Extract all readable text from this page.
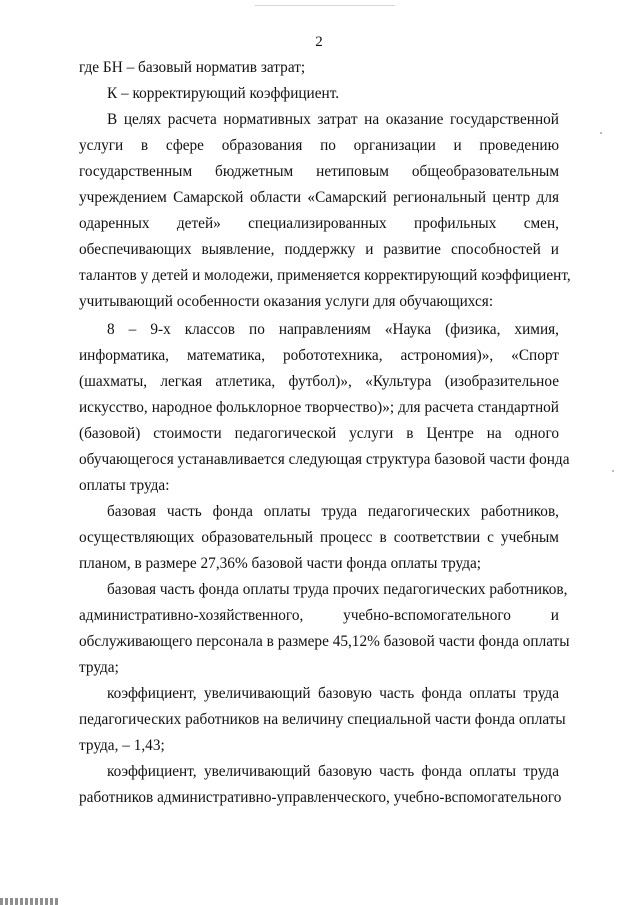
2
где БН – базовый норматив затрат;
К – корректирующий коэффициент.
В целях расчета нормативных затрат на оказание государственной
услуги в сфере образования по организации и проведению
государственным бюджетным нетиповым общеобразовательным
учреждением Самарской области «Самарский региональный центр для
одаренных детей» специализированных профильных смен,
обеспечивающих выявление, поддержку и развитие способностей и
талантов у детей и молодежи, применяется корректирующий коэффициент,
учитывающий особенности оказания услуги для обучающихся:
8 – 9-х классов по направлениям «Наука (физика, химия,
информатика, математика, робототехника, астрономия)», «Спорт
(шахматы, легкая атлетика, футбол)», «Культура (изобразительное
искусство, народное фольклорное творчество)»; для расчета стандартной
(базовой) стоимости педагогической услуги в Центре на одного
обучающегося устанавливается следующая структура базовой части фонда
оплаты труда:
базовая часть фонда оплаты труда педагогических работников,
осуществляющих образовательный процесс в соответствии с учебным
планом, в размере 27,36% базовой части фонда оплаты труда;
базовая часть фонда оплаты труда прочих педагогических работников,
административно-хозяйственного, учебно-вспомогательного и
обслуживающего персонала в размере 45,12% базовой части фонда оплаты
труда;
коэффициент, увеличивающий базовую часть фонда оплаты труда
педагогических работников на величину специальной части фонда оплаты
труда, – 1,43;
коэффициент, увеличивающий базовую часть фонда оплаты труда
работников административно-управленческого, учебно-вспомогательного
